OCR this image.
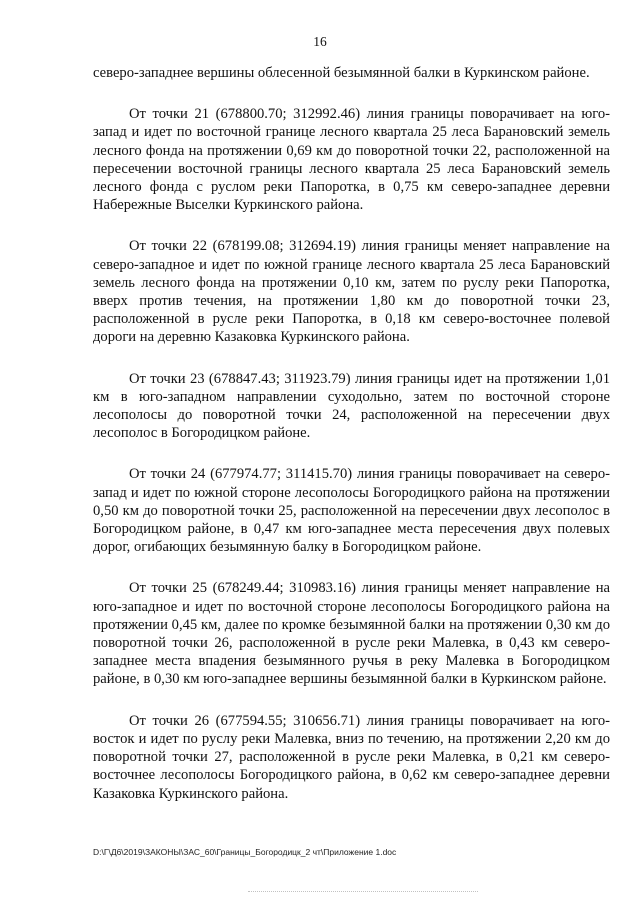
16

северо-западнее вершины облесенной безымянной балки в Куркинском районе.

От точки 21 (678800.70; 312992.46) линия границы поворачивает на юго-запад и идет по восточной границе лесного квартала 25 леса Барановский земель лесного фонда на протяжении 0,69 км до поворотной точки 22, расположенной на пересечении восточной границы лесного квартала 25 леса Барановский земель лесного фонда с руслом реки Папоротка, в 0,75 км северо-западнее деревни Набережные Выселки Куркинского района.

От точки 22 (678199.08; 312694.19) линия границы меняет направление на северо-западное и идет по южной границе лесного квартала 25 леса Барановский земель лесного фонда на протяжении 0,10 км, затем по руслу реки Папоротка, вверх против течения, на протяжении 1,80 км до поворотной точки 23, расположенной в русле реки Папоротка, в 0,18 км северо-восточнее полевой дороги на деревню Казаковка Куркинского района.

От точки 23 (678847.43; 311923.79) линия границы идет на протяжении 1,01 км в юго-западном направлении суходольно, затем по восточной стороне лесополосы до поворотной точки 24, расположенной на пересечении двух лесополос в Богородицком районе.

От точки 24 (677974.77; 311415.70) линия границы поворачивает на северо-запад и идет по южной стороне лесополосы Богородицкого района на протяжении 0,50 км до поворотной точки 25, расположенной на пересечении двух лесополос в Богородицком районе, в 0,47 км юго-западнее места пересечения двух полевых дорог, огибающих безымянную балку в Богородицком районе.

От точки 25 (678249.44; 310983.16) линия границы меняет направление на юго-западное и идет по восточной стороне лесополосы Богородицкого района на протяжении 0,45 км, далее по кромке безымянной балки на протяжении 0,30 км до поворотной точки 26, расположенной в русле реки Малевка, в 0,43 км северо-западнее места впадения безымянного ручья в реку Малевка в Богородицком районе, в 0,30 км юго-западнее вершины безымянной балки в Куркинском районе.

От точки 26 (677594.55; 310656.71) линия границы поворачивает на юго-восток и идет по руслу реки Малевка, вниз по течению, на протяжении 2,20 км до поворотной точки 27, расположенной в русле реки Малевка, в 0,21 км северо-восточнее лесополосы Богородицкого района, в 0,62 км северо-западнее деревни Казаковка Куркинского района.

D:\Г\Д6\2019\ЗАКОНЫ\ЗАС_60\Границы_Богородицк_2 чт\Приложение 1.doc
